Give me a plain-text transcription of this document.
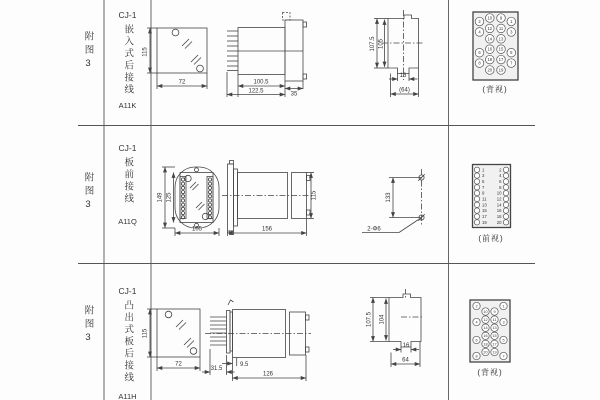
115
72	100.5
35
122.5
107.5 105
16
(64)
2
4
6
8
10
12
14
16
18
20
9
11
13
15
17
19
1
3
5
7
149 125
105	156
115	133
2-Φ6
1
3
5
7
9
11
13
15
17
19
2
4
6
8
10
12
14
16
18
20
115
72	9.5
31.5
126
107.5 104
16
64
2
4
6
8
10
12
14
16
18
20
9
11
13
15
17
19
1
3
5
7
附图3
附图3
附图3
CJ-1
嵌入式后接线
A11K
CJ-1
板前接线
A11Q
CJ-1
凸出式板后接线
A11H
(背视)
(前视)
(背视)
